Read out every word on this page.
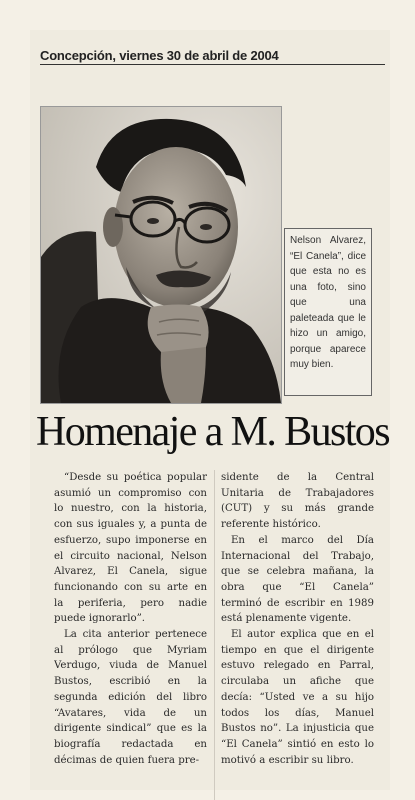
Concepción, viernes 30 de abril de 2004
Nelson Alvarez, “El Canela”, dice que esta no es una foto, sino que una paleteada que le hizo un amigo, porque aparece muy bien.
Homenaje a M. Bustos

“Desde su poética popular asumió un compromiso con lo nuestro, con la historia, con sus iguales y, a punta de esfuerzo, supo imponerse en el circuito nacional, Nelson Alvarez, El Canela, sigue funcionando con su arte en la periferia, pero nadie puede ignorarlo”.

La cita anterior pertenece al prólogo que Myriam Verdugo, viuda de Manuel Bustos, escribió en la segunda edición del libro “Avatares, vida de un dirigente sindical” que es la biografía redactada en décimas de quien fuera pre-

sidente de la Central Unitaria de Trabajadores (CUT) y su más grande referente histórico.

En el marco del Día Internacional del Trabajo, que se celebra mañana, la obra que “El Canela” terminó de escribir en 1989 está plenamente vigente.

El autor explica que en el tiempo en que el dirigente estuvo relegado en Parral, circulaba un afiche que decía: “Usted ve a su hijo todos los días, Manuel Bustos no”. La injusticia que “El Canela” sintió en esto lo motivó a escribir su libro.
